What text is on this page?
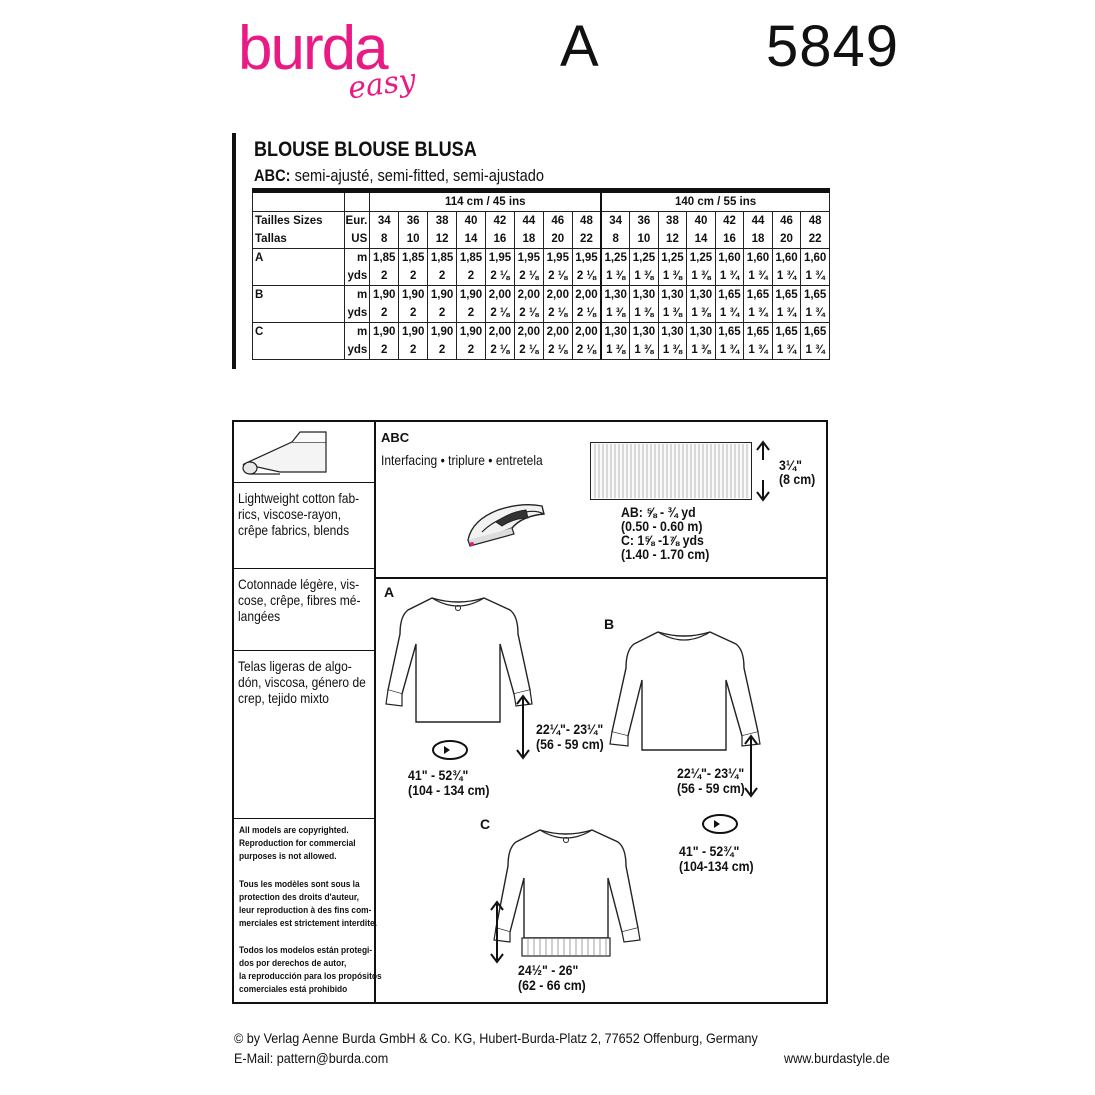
burda
easy
A	5849
BLOUSE BLOUSE BLUSA
ABC: semi-ajusté, semi-fitted, semi-ajustado
		114 cm / 45 ins								140 cm / 55 ins							
Tailles Sizes	Eur.	34	36	38	40	42	44	46	48	34	36	38	40	42	44	46	48
Tallas	US	8	10	12	14	16	18	20	22	8	10	12	14	16	18	20	22
A	m	1,85	1,85	1,85	1,85	1,95	1,95	1,95	1,95	1,25	1,25	1,25	1,25	1,60	1,60	1,60	1,60
	yds	2	2	2	2	2 ⅛	2 ⅛	2 ⅛	2 ⅛	1 ⅜	1 ⅜	1 ⅜	1 ⅜	1 ¾	1 ¾	1 ¾	1 ¾
B	m	1,90	1,90	1,90	1,90	2,00	2,00	2,00	2,00	1,30	1,30	1,30	1,30	1,65	1,65	1,65	1,65
	yds	2	2	2	2	2 ⅛	2 ⅛	2 ⅛	2 ⅛	1 ⅜	1 ⅜	1 ⅜	1 ⅜	1 ¾	1 ¾	1 ¾	1 ¾
C	m	1,90	1,90	1,90	1,90	2,00	2,00	2,00	2,00	1,30	1,30	1,30	1,30	1,65	1,65	1,65	1,65
	yds	2	2	2	2	2 ⅛	2 ⅛	2 ⅛	2 ⅛	1 ⅜	1 ⅜	1 ⅜	1 ⅜	1 ¾	1 ¾	1 ¾	1 ¾
Lightweight cotton fab-
rics, viscose-rayon,
crêpe fabrics, blends
Cotonnade légère, vis-
cose, crêpe, fibres mé-
langées
Telas ligeras de algo-
dón, viscosa, género de
crep, tejido mixto
All models are copyrighted.
Reproduction for commercial
purposes is not allowed.
Tous les modèles sont sous la
protection des droits d'auteur,
leur reproduction à des fins com-
merciales est strictement interdite.
Todos los modelos están protegi-
dos por derechos de autor,
la reproducción para los propósitos
comerciales está prohibido
ABC
Interfacing • triplure • entretela	3¼"
(8 cm)
AB: ⅝ - ¾ yd
(0.50 - 0.60 m)
C: 1⅝ -1⅞ yds
(1.40 - 1.70 cm)
A
22¼"- 23¼"
(56 - 59 cm)
41" - 52¾"
(104 - 134 cm)
B
22¼"- 23¼"
(56 - 59 cm)
41" - 52¾"
(104-134 cm)
C
24½" - 26"
(62 - 66 cm)
© by Verlag Aenne Burda GmbH & Co. KG, Hubert-Burda-Platz 2, 77652 Offenburg, Germany
E-Mail: pattern@burda.com	www.burdastyle.de
